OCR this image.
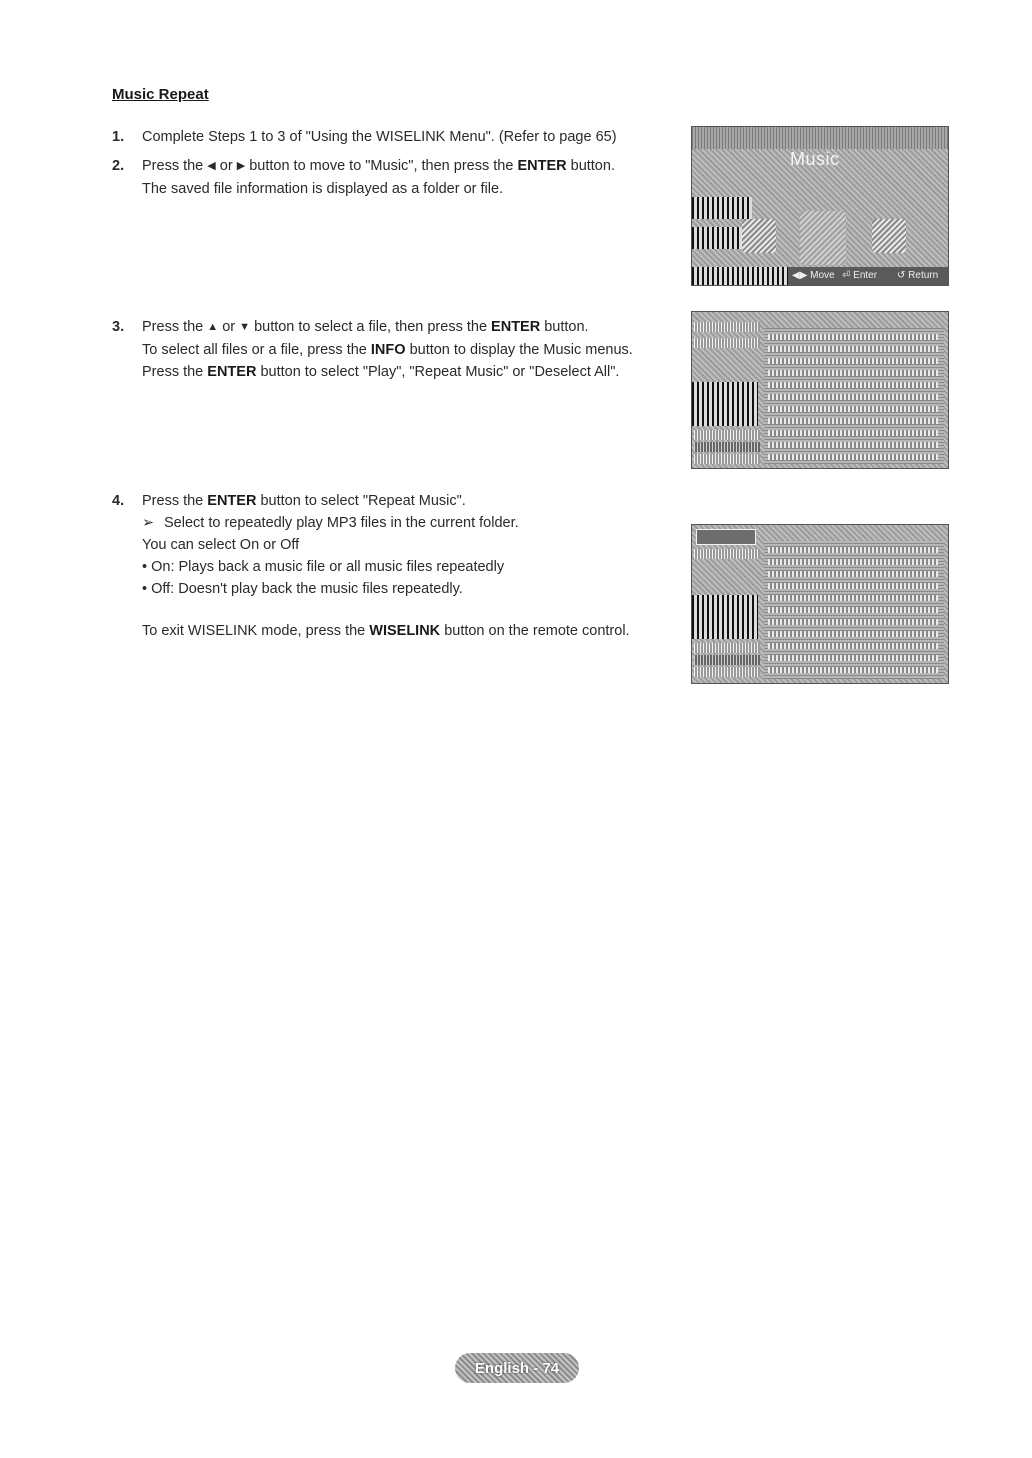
Music Repeat
1.	Complete Steps 1 to 3 of "Using the WISELINK Menu". (Refer to page 65)

2.	Press the ◀ or ▶ button to move to "Music", then press the ENTER button.

The saved file information is displayed as a folder or file.

3.	Press the ▲ or ▼ button to select a file, then press the ENTER button.

To select all files or a file, press the INFO button to display the Music menus.

Press the ENTER button to select "Play", "Repeat Music" or "Deselect All".

4.	Press the ENTER button to select "Repeat Music".

➢ Select to repeatedly play MP3 files in the current folder.

You can select On or Off

• On: Plays back a music file or all music files repeatedly

• Off: Doesn't play back the music files repeatedly.

To exit WISELINK mode, press the WISELINK button on the remote control.

Music
◀▶ Move ⏎ Enter ↺ Return
English - 74
